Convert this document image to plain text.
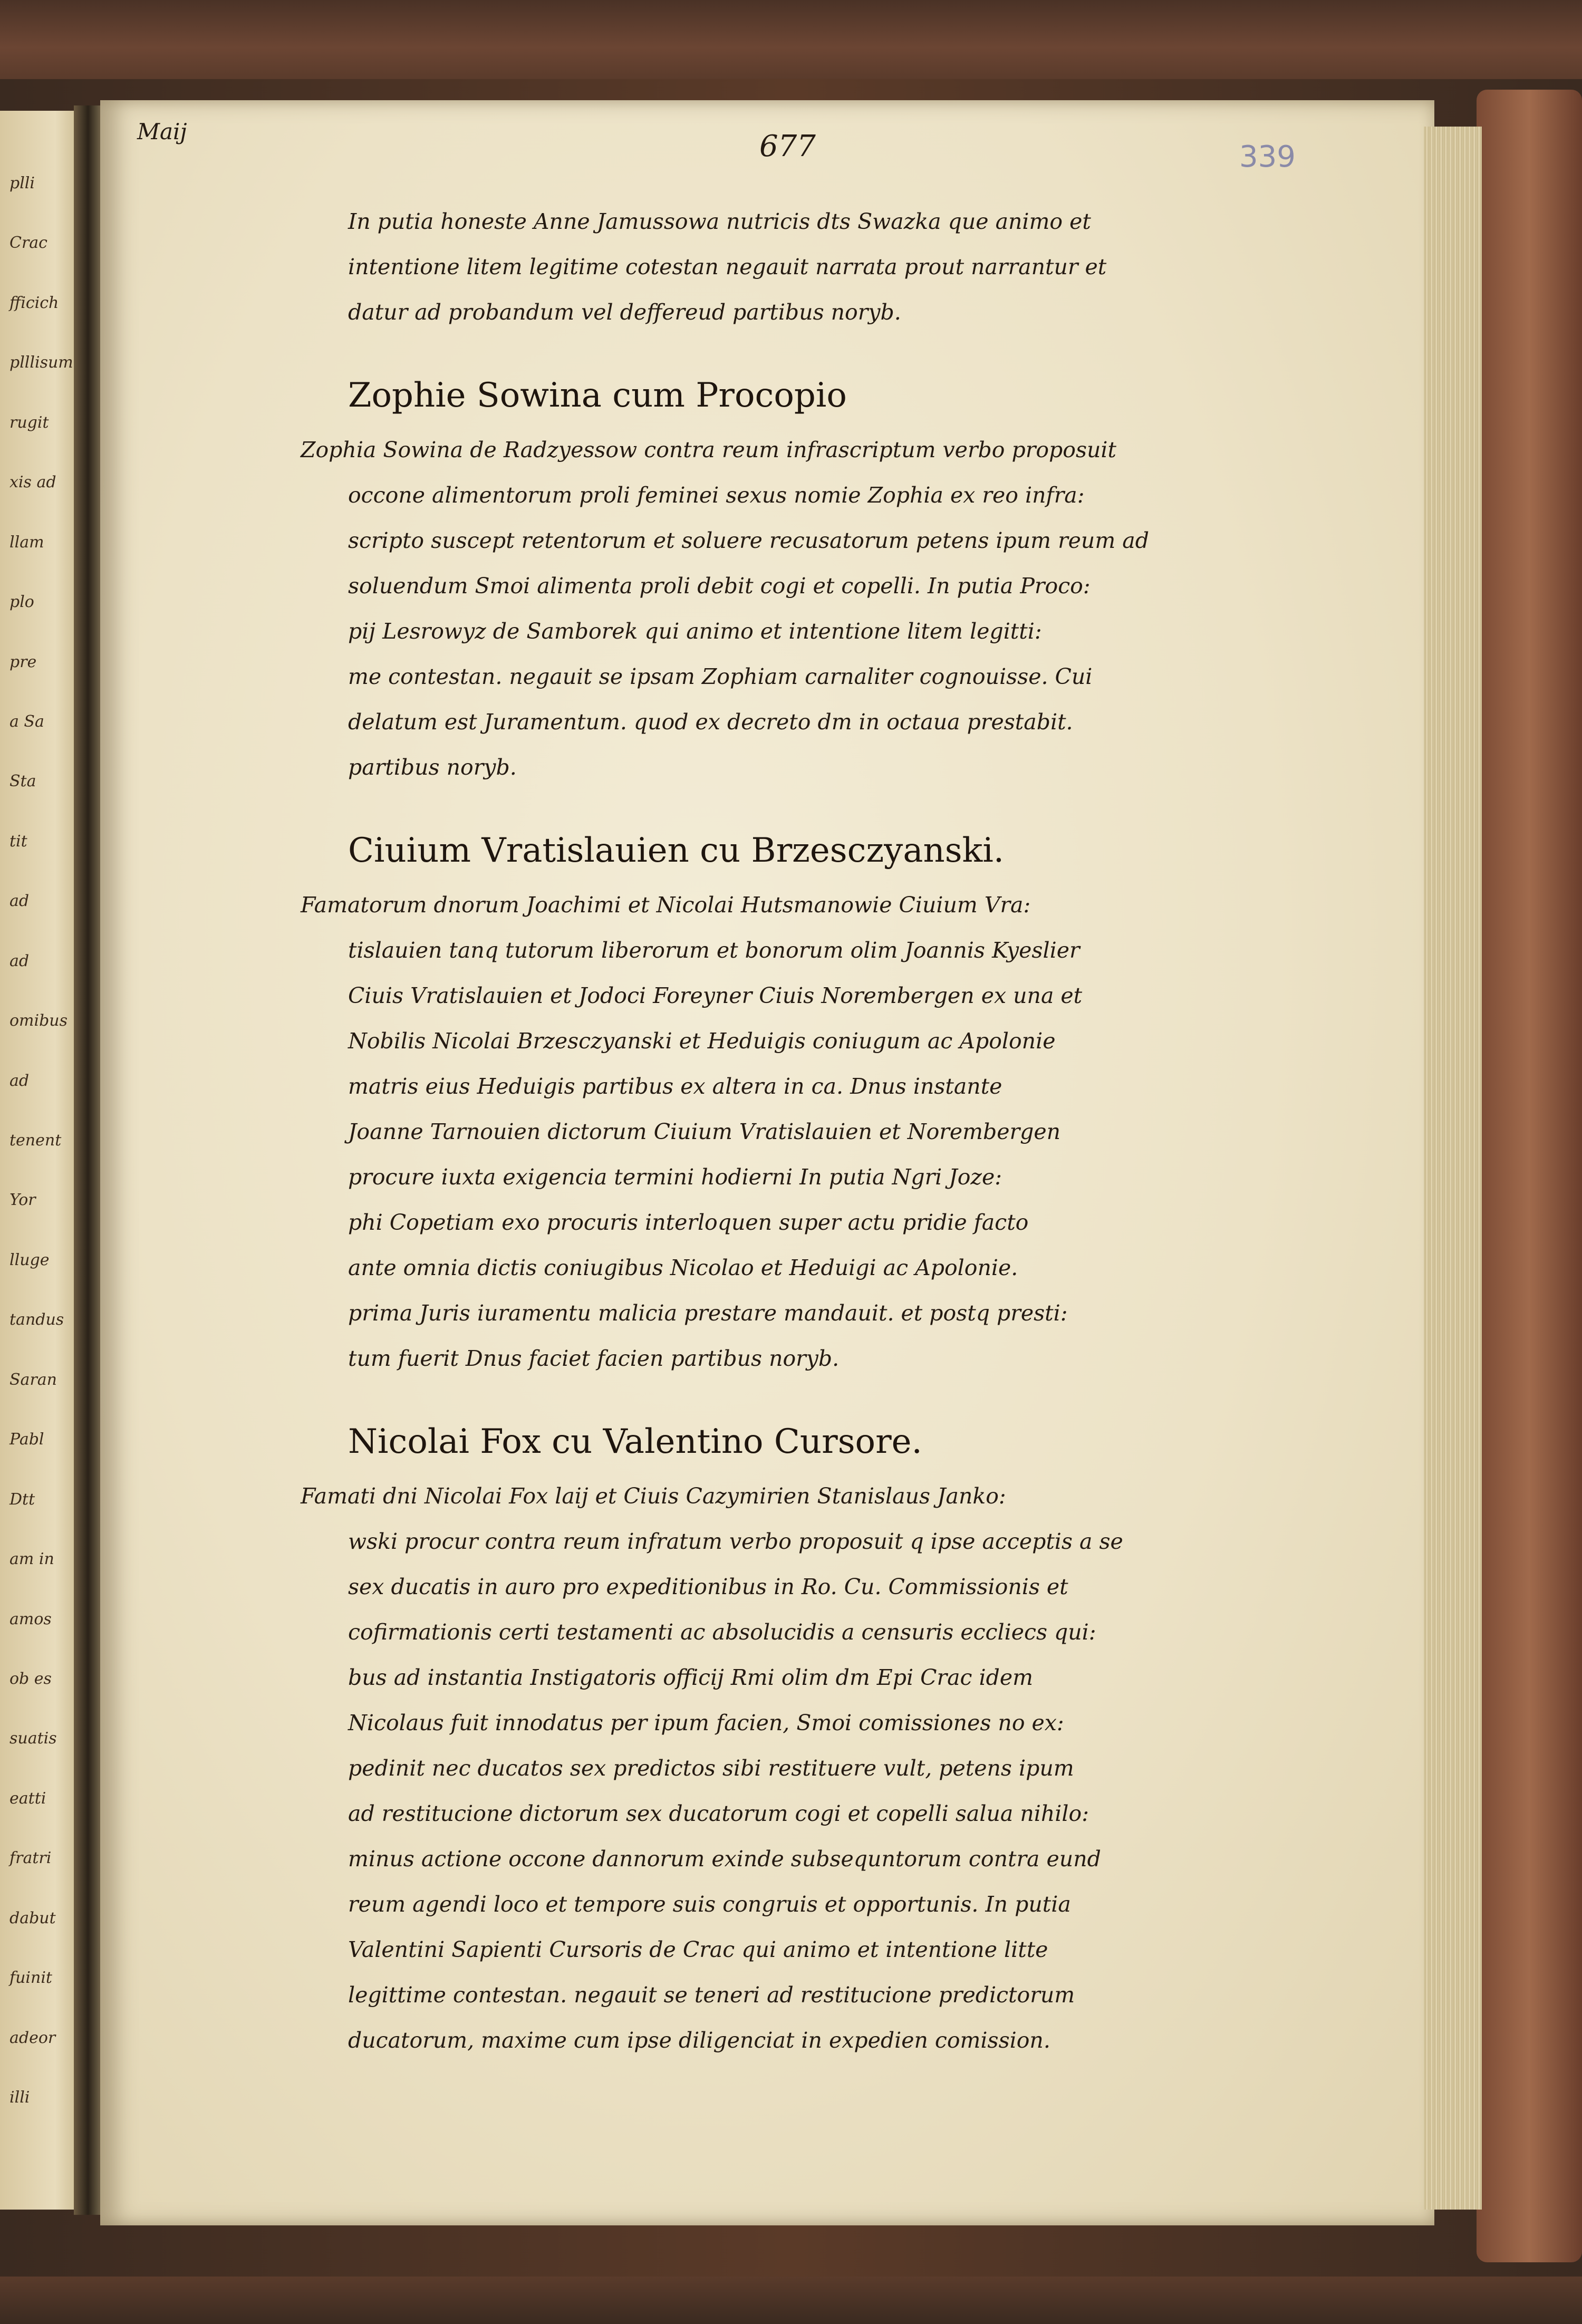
plli
Crac
fficich
plllisum
rugit
xis ad
llam
plo
pre
a Sa
Sta
tit
ad
ad
omibus
ad
tenent
Yor
lluge
tandus
Saran
Pabl
Dtt
am in
amos
ob es
suatis
eatti
fratri
dabut
fuinit
adeor
illi
Maij	677	339
In putia honeste Anne Jamussowa nutricis dts Swazka que animo et
intentione litem legitime cotestan negauit narrata prout narrantur et
datur ad probandum vel deffereud partibus noryb.
Zophie Sowina cum Procopio
Zophia Sowina de Radzyessow contra reum infrascriptum verbo proposuit
occone alimentorum proli feminei sexus nomie Zophia ex reo infra:
scripto suscept retentorum et soluere recusatorum petens ipum reum ad
soluendum Smoi alimenta proli debit cogi et copelli. In putia Proco:
pij Lesrowyz de Samborek qui animo et intentione litem legitti:
me contestan. negauit se ipsam Zophiam carnaliter cognouisse. Cui
delatum est Juramentum. quod ex decreto dm in octaua prestabit.
partibus noryb.
Ciuium Vratislauien cu Brzesczyanski.
Famatorum dnorum Joachimi et Nicolai Hutsmanowie Ciuium Vra:
tislauien tanq tutorum liberorum et bonorum olim Joannis Kyeslier
Ciuis Vratislauien et Jodoci Foreyner Ciuis Norembergen ex una et
Nobilis Nicolai Brzesczyanski et Heduigis coniugum ac Apolonie
matris eius Heduigis partibus ex altera in ca. Dnus instante
Joanne Tarnouien dictorum Ciuium Vratislauien et Norembergen
procure iuxta exigencia termini hodierni In putia Ngri Joze:
phi Copetiam exo procuris interloquen super actu pridie facto
ante omnia dictis coniugibus Nicolao et Heduigi ac Apolonie.
prima Juris iuramentu malicia prestare mandauit. et postq presti:
tum fuerit Dnus faciet facien partibus noryb.
Nicolai Fox cu Valentino Cursore.
Famati dni Nicolai Fox laij et Ciuis Cazymirien Stanislaus Janko:
wski procur contra reum infratum verbo proposuit q ipse acceptis a se
sex ducatis in auro pro expeditionibus in Ro. Cu. Commissionis et
cofirmationis certi testamenti ac absolucidis a censuris eccliecs qui:
bus ad instantia Instigatoris officij Rmi olim dm Epi Crac idem
Nicolaus fuit innodatus per ipum facien, Smoi comissiones no ex:
pedinit nec ducatos sex predictos sibi restituere vult, petens ipum
ad restitucione dictorum sex ducatorum cogi et copelli salua nihilo:
minus actione occone dannorum exinde subsequntorum contra eund
reum agendi loco et tempore suis congruis et opportunis. In putia
Valentini Sapienti Cursoris de Crac qui animo et intentione litte
legittime contestan. negauit se teneri ad restitucione predictorum
ducatorum, maxime cum ipse diligenciat in expedien comission.
